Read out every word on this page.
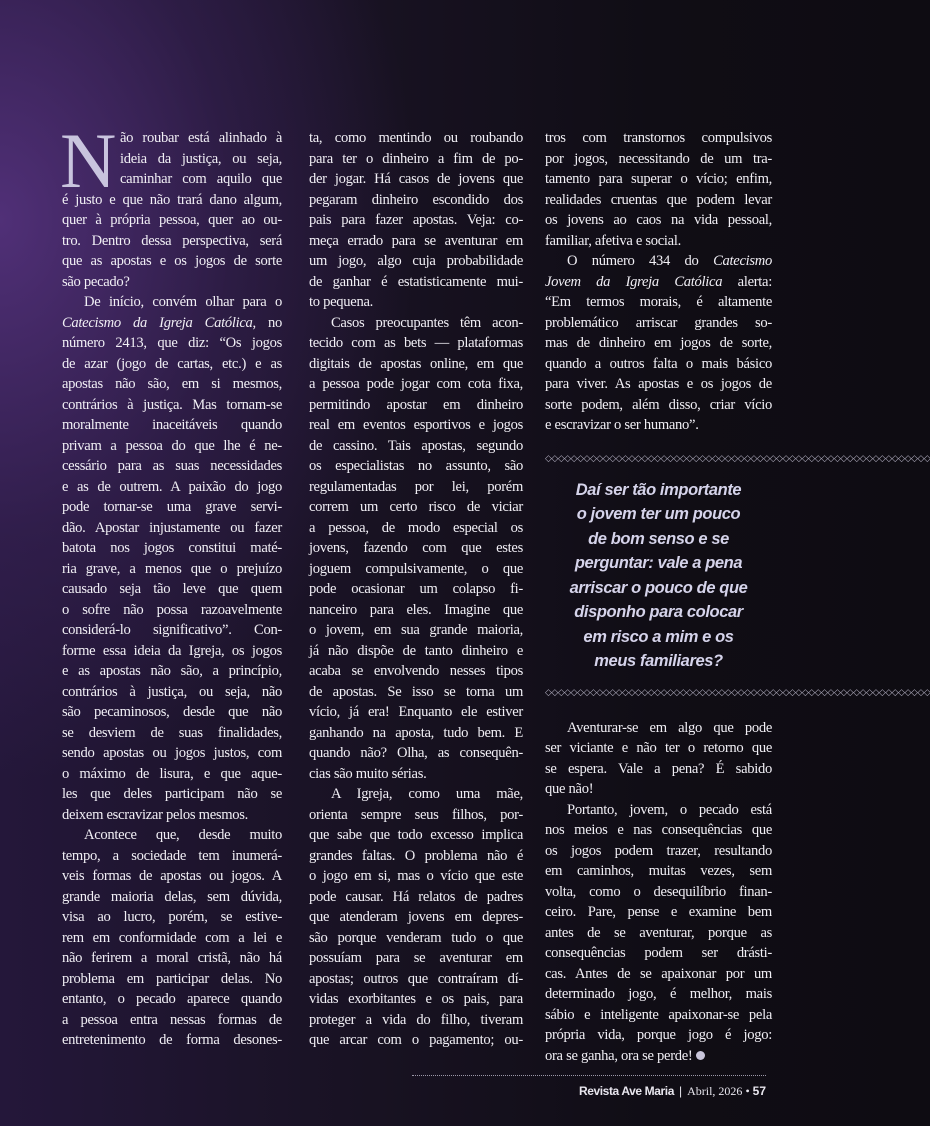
N ão roubar está alinhado à
ideia da justiça, ou seja,
caminhar com aquilo que
é justo e que não trará dano algum,
quer à própria pessoa, quer ao ou-
tro. Dentro dessa perspectiva, será
que as apostas e os jogos de sorte
são pecado?
De início, convém olhar para o
Catecismo da Igreja Católica, no
número 2413, que diz: “Os jogos
de azar (jogo de cartas, etc.) e as
apostas não são, em si mesmos,
contrários à justiça. Mas tornam-se
moralmente inaceitáveis quando
privam a pessoa do que lhe é ne-
cessário para as suas necessidades
e as de outrem. A paixão do jogo
pode tornar-se uma grave servi-
dão. Apostar injustamente ou fazer
batota nos jogos constitui maté-
ria grave, a menos que o prejuízo
causado seja tão leve que quem
o sofre não possa razoavelmente
considerá-lo significativo”. Con-
forme essa ideia da Igreja, os jogos
e as apostas não são, a princípio,
contrários à justiça, ou seja, não
são pecaminosos, desde que não
se desviem de suas finalidades,
sendo apostas ou jogos justos, com
o máximo de lisura, e que aque-
les que deles participam não se
deixem escravizar pelos mesmos.
Acontece que, desde muito
tempo, a sociedade tem inumerá-
veis formas de apostas ou jogos. A
grande maioria delas, sem dúvida,
visa ao lucro, porém, se estive-
rem em conformidade com a lei e
não ferirem a moral cristã, não há
problema em participar delas. No
entanto, o pecado aparece quando
a pessoa entra nessas formas de
entretenimento de forma desones-
ta, como mentindo ou roubando
para ter o dinheiro a fim de po-
der jogar. Há casos de jovens que
pegaram dinheiro escondido dos
pais para fazer apostas. Veja: co-
meça errado para se aventurar em
um jogo, algo cuja probabilidade
de ganhar é estatisticamente mui-
to pequena.
Casos preocupantes têm acon-
tecido com as bets — plataformas
digitais de apostas online, em que
a pessoa pode jogar com cota fixa,
permitindo apostar em dinheiro
real em eventos esportivos e jogos
de cassino. Tais apostas, segundo
os especialistas no assunto, são
regulamentadas por lei, porém
correm um certo risco de viciar
a pessoa, de modo especial os
jovens, fazendo com que estes
joguem compulsivamente, o que
pode ocasionar um colapso fi-
nanceiro para eles. Imagine que
o jovem, em sua grande maioria,
já não dispõe de tanto dinheiro e
acaba se envolvendo nesses tipos
de apostas. Se isso se torna um
vício, já era! Enquanto ele estiver
ganhando na aposta, tudo bem. E
quando não? Olha, as consequên-
cias são muito sérias.
A Igreja, como uma mãe,
orienta sempre seus filhos, por-
que sabe que todo excesso implica
grandes faltas. O problema não é
o jogo em si, mas o vício que este
pode causar. Há relatos de padres
que atenderam jovens em depres-
são porque venderam tudo o que
possuíam para se aventurar em
apostas; outros que contraíram dí-
vidas exorbitantes e os pais, para
proteger a vida do filho, tiveram
que arcar com o pagamento; ou-
tros com transtornos compulsivos
por jogos, necessitando de um tra-
tamento para superar o vício; enfim,
realidades cruentas que podem levar
os jovens ao caos na vida pessoal,
familiar, afetiva e social.
O número 434 do Catecismo
Jovem da Igreja Católica alerta:
“Em termos morais, é altamente
problemático arriscar grandes so-
mas de dinheiro em jogos de sorte,
quando a outros falta o mais básico
para viver. As apostas e os jogos de
sorte podem, além disso, criar vício
e escravizar o ser humano”.
◇◇◇◇◇◇◇◇◇◇◇◇◇◇◇◇◇◇◇◇◇◇◇◇◇◇◇◇◇◇◇◇◇◇◇◇◇◇◇◇◇◇◇◇◇◇◇◇◇◇◇◇◇◇◇◇◇◇◇◇
Daí ser tão importante
o jovem ter um pouco
de bom senso e se
perguntar: vale a pena
arriscar o pouco de que
disponho para colocar
em risco a mim e os
meus familiares?
◇◇◇◇◇◇◇◇◇◇◇◇◇◇◇◇◇◇◇◇◇◇◇◇◇◇◇◇◇◇◇◇◇◇◇◇◇◇◇◇◇◇◇◇◇◇◇◇◇◇◇◇◇◇◇◇◇◇◇◇
Aventurar-se em algo que pode
ser viciante e não ter o retorno que
se espera. Vale a pena? É sabido
que não!
Portanto, jovem, o pecado está
nos meios e nas consequências que
os jogos podem trazer, resultando
em caminhos, muitas vezes, sem
volta, como o desequilíbrio finan-
ceiro. Pare, pense e examine bem
antes de se aventurar, porque as
consequências podem ser drásti-
cas. Antes de se apaixonar por um
determinado jogo, é melhor, mais
sábio e inteligente apaixonar-se pela
própria vida, porque jogo é jogo:
ora se ganha, ora se perde!
Revista Ave Maria | Abril, 2026 • 57
